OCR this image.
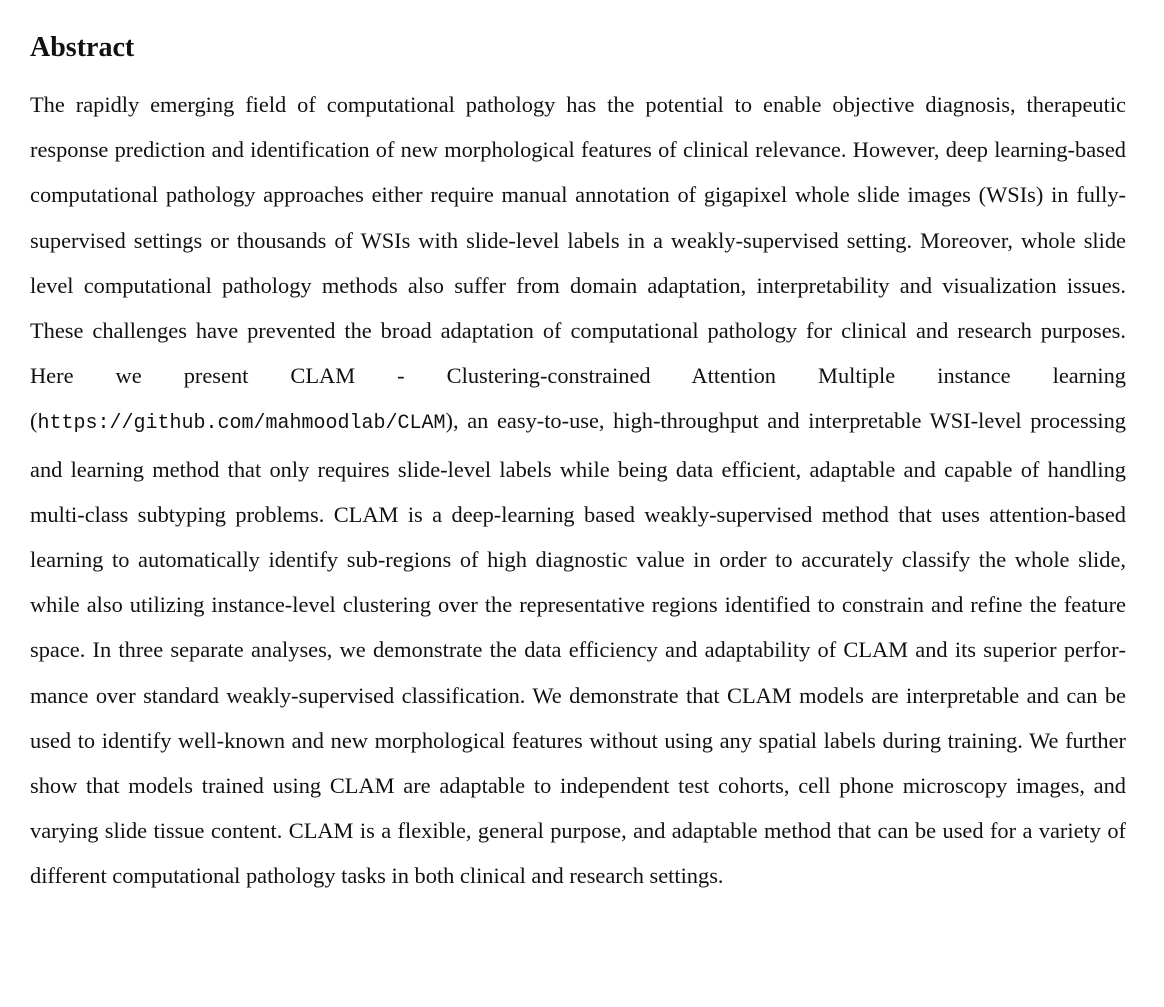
Abstract

The rapidly emerging field of computational pathology has the potential to enable objective diagnosis, therapeutic response prediction and identification of new morphological features of clinical relevance. However, deep learning-based computational pathology approaches either require manual annotation of gigapixel whole slide images (WSIs) in fully-supervised settings or thousands of WSIs with slide-level labels in a weakly-supervised setting. Moreover, whole slide level computational pathology methods also suffer from domain adaptation, interpretability and visualization issues. These challenges have prevented the broad adaptation of computational pathology for clinical and research purposes. Here we present CLAM - Clustering-constrained Attention Multiple instance learning (https://github.com/mahmoodlab/CLAM), an easy-to-use, high-throughput and interpretable WSI-level processing and learning method that only requires slide-level labels while being data efficient, adaptable and capable of handling multi-class subtyping problems. CLAM is a deep-learning based weakly-supervised method that uses attention-based learning to automatically identify sub-regions of high diagnostic value in order to accurately classify the whole slide, while also utilizing instance-level clustering over the representative regions identified to constrain and refine the feature space. In three separate analyses, we demonstrate the data efficiency and adaptability of CLAM and its superior performance over standard weakly-supervised classification. We demonstrate that CLAM models are interpretable and can be used to identify well-known and new morphological features without using any spatial labels during training. We further show that models trained using CLAM are adaptable to independent test cohorts, cell phone microscopy images, and varying slide tissue content. CLAM is a flexible, general purpose, and adaptable method that can be used for a variety of different computational pathology tasks in both clinical and research settings.
